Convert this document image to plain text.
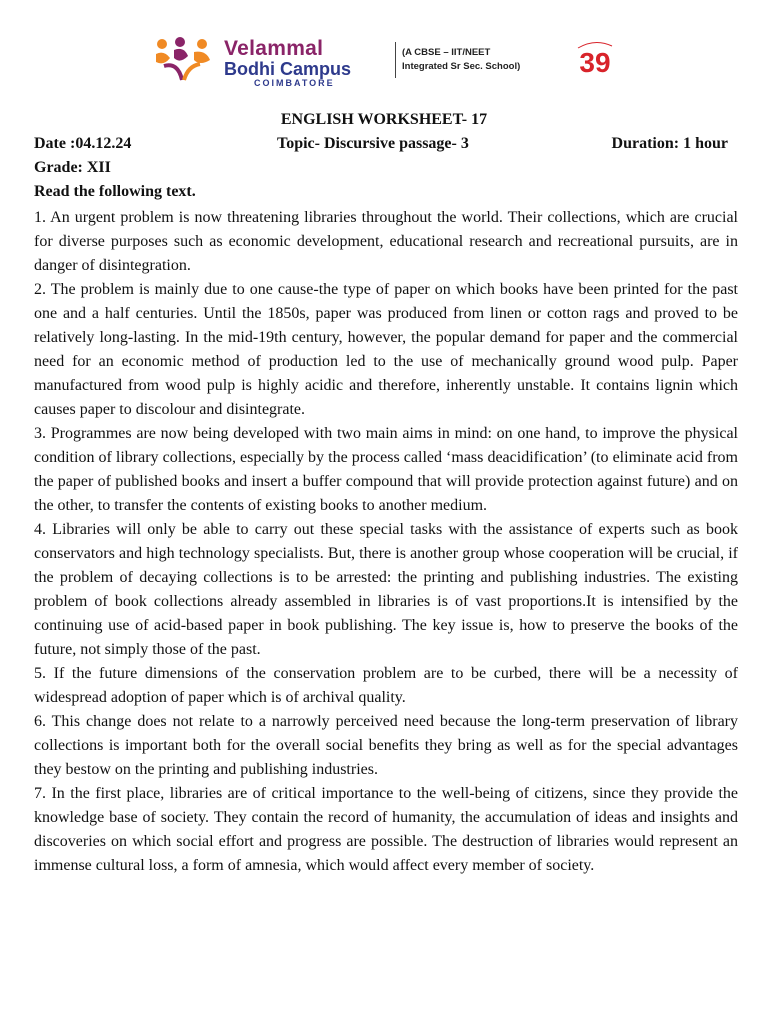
Velammal
Bodhi Campus
COIMBATORE
(A CBSE – IIT/NEET
Integrated Sr Sec. School) 39
ENGLISH WORKSHEET- 17
Date :04.12.24	Topic- Discursive passage- 3	Duration: 1 hour
Grade: XII
Read the following text.

1. An urgent problem is now threatening libraries throughout the world. Their collections, which are crucial for diverse purposes such as economic development, educational research and recreational pursuits, are in danger of disintegration.

2. The problem is mainly due to one cause-the type of paper on which books have been printed for the past one and a half centuries. Until the 1850s, paper was produced from linen or cotton rags and proved to be relatively long-lasting. In the mid-19th century, however, the popular demand for paper and the commercial need for an economic method of production led to the use of mechanically ground wood pulp. Paper manufactured from wood pulp is highly acidic and therefore, inherently unstable. It contains lignin which causes paper to discolour and disintegrate.

3. Programmes are now being developed with two main aims in mind: on one hand, to improve the physical condition of library collections, especially by the process called ‘mass deacidification’ (to eliminate acid from the paper of published books and insert a buffer compound that will provide protection against future) and on the other, to transfer the contents of existing books to another medium.

4. Libraries will only be able to carry out these special tasks with the assistance of experts such as book conservators and high technology specialists. But, there is another group whose cooperation will be crucial, if the problem of decaying collections is to be arrested: the printing and publishing industries. The existing problem of book collections already assembled in libraries is of vast proportions.It is intensified by the continuing use of acid-based paper in book publishing. The key issue is, how to preserve the books of the future, not simply those of the past.

5. If the future dimensions of the conservation problem are to be curbed, there will be a necessity of widespread adoption of paper which is of archival quality.

6. This change does not relate to a narrowly perceived need because the long-term preservation of library collections is important both for the overall social benefits they bring as well as for the special advantages they bestow on the printing and publishing industries.

7. In the first place, libraries are of critical importance to the well-being of citizens, since they provide the knowledge base of society. They contain the record of humanity, the accumulation of ideas and insights and discoveries on which social effort and progress are possible. The destruction of libraries would represent an immense cultural loss, a form of amnesia, which would affect every member of society.
